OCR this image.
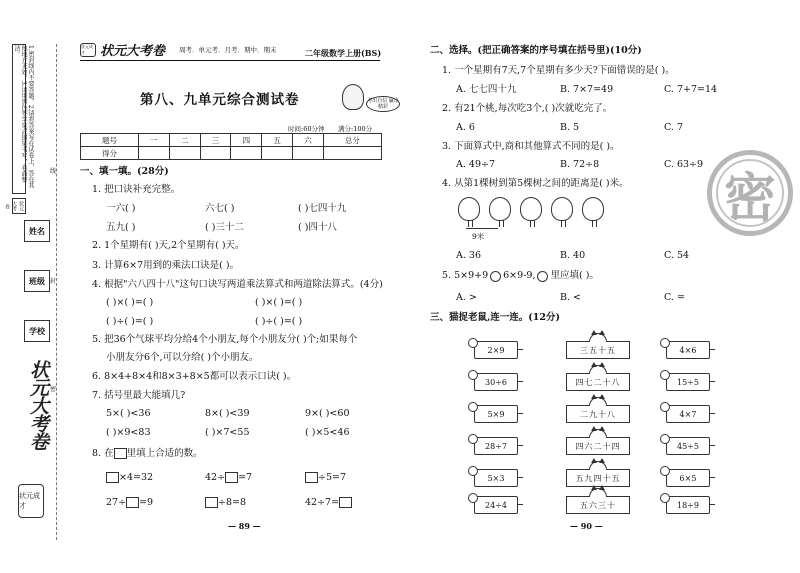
1.密封线内不要答题。2.请将答案写在试卷上，答在其他地方无效。3.请用黑色签字笔或钢笔书写，卷面整洁。
状元大考卷
姓名
班级
学校
线
封
密
状元大考卷
状元成才
状元成才	状元大考卷 周考．单元考．月考．期中．期末	二年级数学上册(BS)
第八、九单元综合测试卷	考出自信 赢出精彩
时间:60分钟 满分:100分
题号	一	二	三	四	五	六	总分
得分							
一、填一填。(28分)
1. 把口诀补充完整。
一六( )	六七( )	( )七四十九
五九( )	( )三十二	( )四十八
2. 1个星期有( )天,2个星期有( )天。
3. 计算6×7用到的乘法口诀是( )。
4. 根据"六八四十八"这句口诀写两道乘法算式和两道除法算式。(4分)
( )×( )=( )	( )×( )=( )
( )÷( )=( )	( )÷( )=( )
5. 把36个气球平均分给4个小朋友,每个小朋友分( )个;如果每个
小朋友分6个,可以分给( )个小朋友。
6. 8×4+8×4和8×3+8×5都可以表示口诀( )。
7. 括号里最大能填几?
5×( )<36	8×( )<39	9×( )<60
( )×9<83	( )×7<55	( )×5<46
8. 在 里填上合适的数。
×4=32	42÷ =7	÷5=7
27÷ =9	÷8=8	42÷7=
— 89 —
二、选择。(把正确答案的序号填在括号里)(10分)
1. 一个星期有7天,7个星期有多少天?下面错误的是( )。
A. 七七四十九	B. 7×7=49	C. 7+7=14
2. 有21个桃,每次吃3个,( )次就吃完了。
A. 6	B. 5	C. 7
3. 下面算式中,商和其他算式不同的是( )。
A. 49÷7	B. 72÷8	C. 63÷9
4. 从第1棵树到第5棵树之间的距离是( )米。
9米
A. 36	B. 40	C. 54
5. 5×9+9 6×9-9, 里应填( )。
A. >	B. <	C. =
三、猫捉老鼠,连一连。(12分)
2×9
30÷6
5×9
28÷7
5×3
24÷4
三五十五
四七二十八
二九十八
四六二十四
五九四十五
五六三十
4×6
15÷5
4×7
45÷5
6×5
18÷9
密
— 90 —
